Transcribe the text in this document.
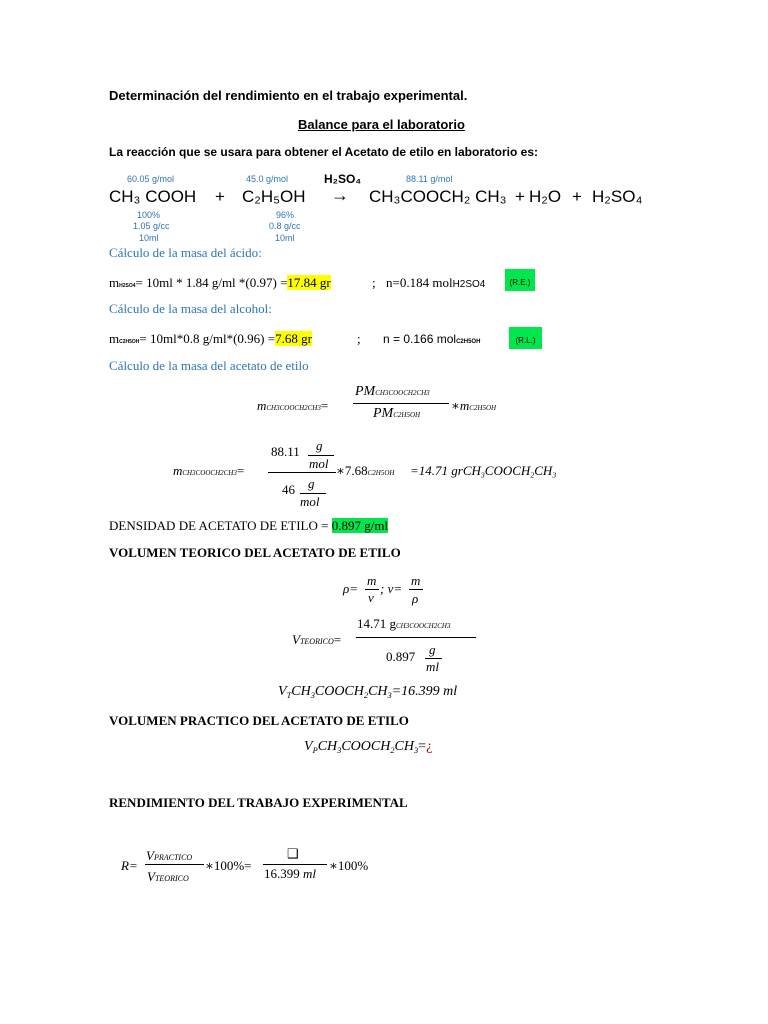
Determinación del rendimiento en el trabajo experimental.
Balance para el laboratorio
La reacción que se usara para obtener el Acetato de etilo en laboratorio es:
60.05 g/mol	45.0 g/mol	H₂SO₄	88.11 g/mol
CH₃ COOH + C₂H₅OH → CH₃COOCH₂ CH₃ + H₂O + H₂SO₄
100%
1.05 g/cc
10ml
96%
0.8 g/cc
10ml
Cálculo de la masa del ácido:
mH2SO4= 10ml * 1.84 g/ml *(0.97) =17.84 gr	; n=0.184 molH2SO4	(R.E.)
Cálculo de la masa del alcohol:
mC2H5OH= 10ml*0.8 g/ml*(0.96) =7.68 gr	; n = 0.166 molC2H5OH	(R.L.)
Cálculo de la masa del acetato de etilo
mCH3COOCH2CH3=
PMCH3COOCH2CH3
PMC2H5OH
∗mC2H5OH
mCH3COOCH2CH3=
88.11 g
mol
46 g
mol
∗7.68C2H5OH =14.71 $grCH_3COOCH_2CH_3$
DENSIDAD DE ACETATO DE ETILO = 0.897 g/ml
VOLUMEN TEORICO DEL ACETATO DE ETILO
ρ=
m
v
; v=
m
ρ
VTEORICO=
14.71 gCH3COOCH2CH3
0.897 g
ml
$V_TCH_3COOCH_2CH_3=16.399$ ml
VOLUMEN PRACTICO DEL ACETATO DE ETILO
$V_PCH_3COOCH_2CH_3=¿$
RENDIMIENTO DEL TRABAJO EXPERIMENTAL
R=
VPRACTICO
VTEORICO
∗100%=
❑
16.399 ml
∗100%
